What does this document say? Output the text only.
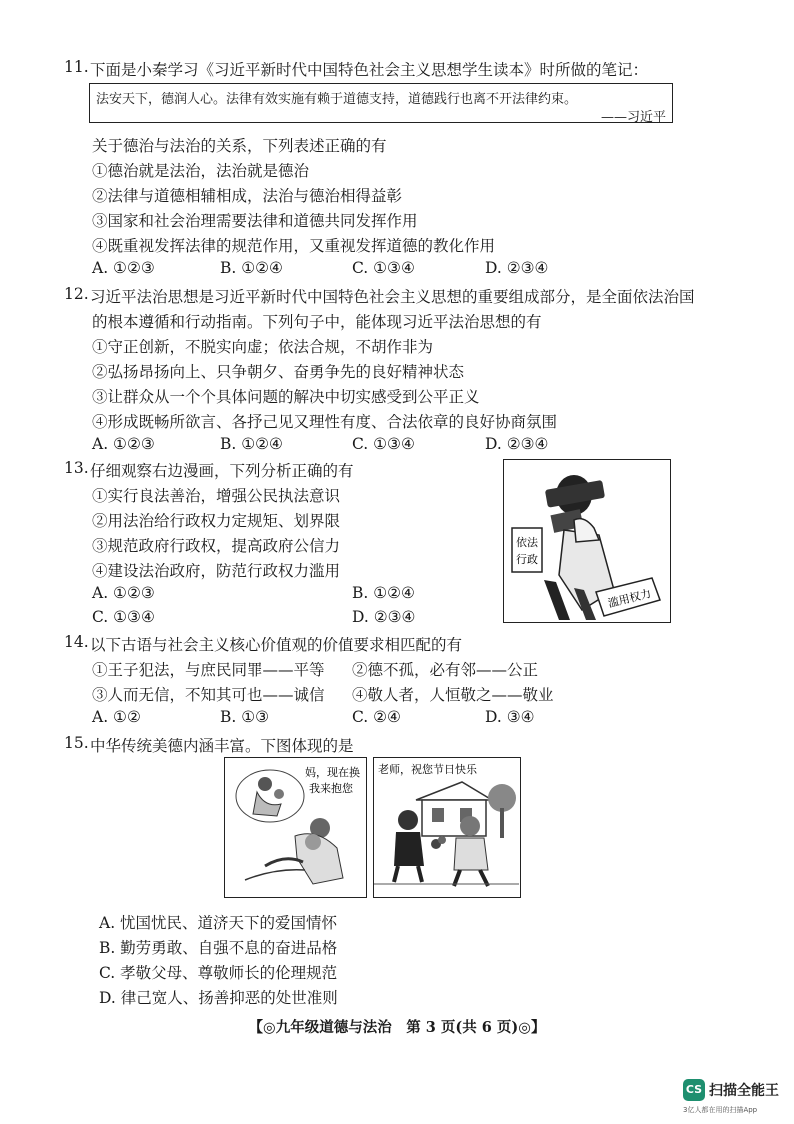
11. 下面是小秦学习《习近平新时代中国特色社会主义思想学生读本》时所做的笔记：
法安天下，德润人心。法律有效实施有赖于道德支持，道德践行也离不开法律约束。
——习近平
关于德治与法治的关系，下列表述正确的有
①德治就是法治，法治就是德治
②法律与道德相辅相成，法治与德治相得益彰
③国家和社会治理需要法律和道德共同发挥作用
④既重视发挥法律的规范作用，又重视发挥道德的教化作用
A. ①②③	B. ①②④	C. ①③④	D. ②③④
12. 习近平法治思想是习近平新时代中国特色社会主义思想的重要组成部分，是全面依法治国
的根本遵循和行动指南。下列句子中，能体现习近平法治思想的有
①守正创新，不脱实向虚；依法合规，不胡作非为
②弘扬昂扬向上、只争朝夕、奋勇争先的良好精神状态
③让群众从一个个具体问题的解决中切实感受到公平正义
④形成既畅所欲言、各抒己见又理性有度、合法依章的良好协商氛围
A. ①②③	B. ①②④	C. ①③④	D. ②③④
13. 仔细观察右边漫画，下列分析正确的有
①实行良法善治，增强公民执法意识
②用法治给行政权力定规矩、划界限
③规范政府行政权，提高政府公信力
④建设法治政府，防范行政权力滥用
A. ①②③	B. ①②④
C. ①③④	D. ②③④
依法
行政
滥用权力
14. 以下古语与社会主义核心价值观的价值要求相匹配的有
①王子犯法，与庶民同罪——平等 ②德不孤，必有邻——公正
③人而无信，不知其可也——诚信 ④敬人者，人恒敬之——敬业
A. ①②	B. ①③	C. ②④	D. ③④
15. 中华传统美德内涵丰富。下图体现的是
妈，现在换
我来抱您
老师，祝您节日快乐
A. 忧国忧民、道济天下的爱国情怀
B. 勤劳勇敢、自强不息的奋进品格
C. 孝敬父母、尊敬师长的伦理规范
D. 律己宽人、扬善抑恶的处世准则
【◎九年级道德与法治　第 3 页(共 6 页)◎】
CS 扫描全能王
3亿人都在用的扫描App
